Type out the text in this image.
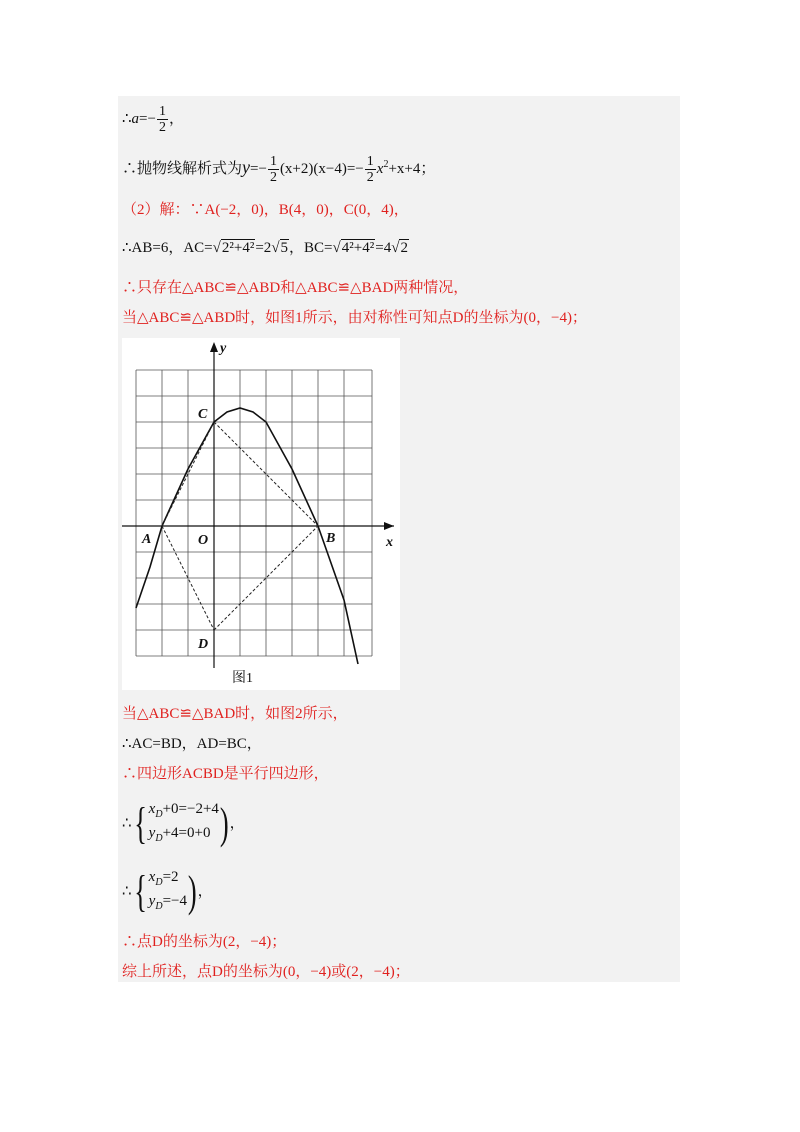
∴a=− $\frac{1}{2}$ ，
∴抛物线解析式为$y=- \frac{1}{2} (x+2)(x-4)=- \frac{1}{2} x^2+x+4$；
（2）解：∵A(−2，0)，B(4，0)，C(0，4)，
∴AB=6，AC=√2²+4²=2√5，BC=√4²+4²=4√2
∴只存在△ABC≌△ABD和△ABC≌△BAD两种情况，
当△ABC≌△ABD时，如图1所示，由对称性可知点D的坐标为(0，−4)；
y
x
C
A	O	B
D
图1
当△ABC≌△BAD时，如图2所示，
∴AC=BD，AD=BC，
∴四边形ACBD是平行四边形，
∴{ $x_D+0=-2+4$
$y_D+4=0+0$ )，
∴{ $x_D=2$
$y_D=-4$ )，
∴点D的坐标为(2，−4)；
综上所述，点D的坐标为(0，−4)或(2，−4)；
